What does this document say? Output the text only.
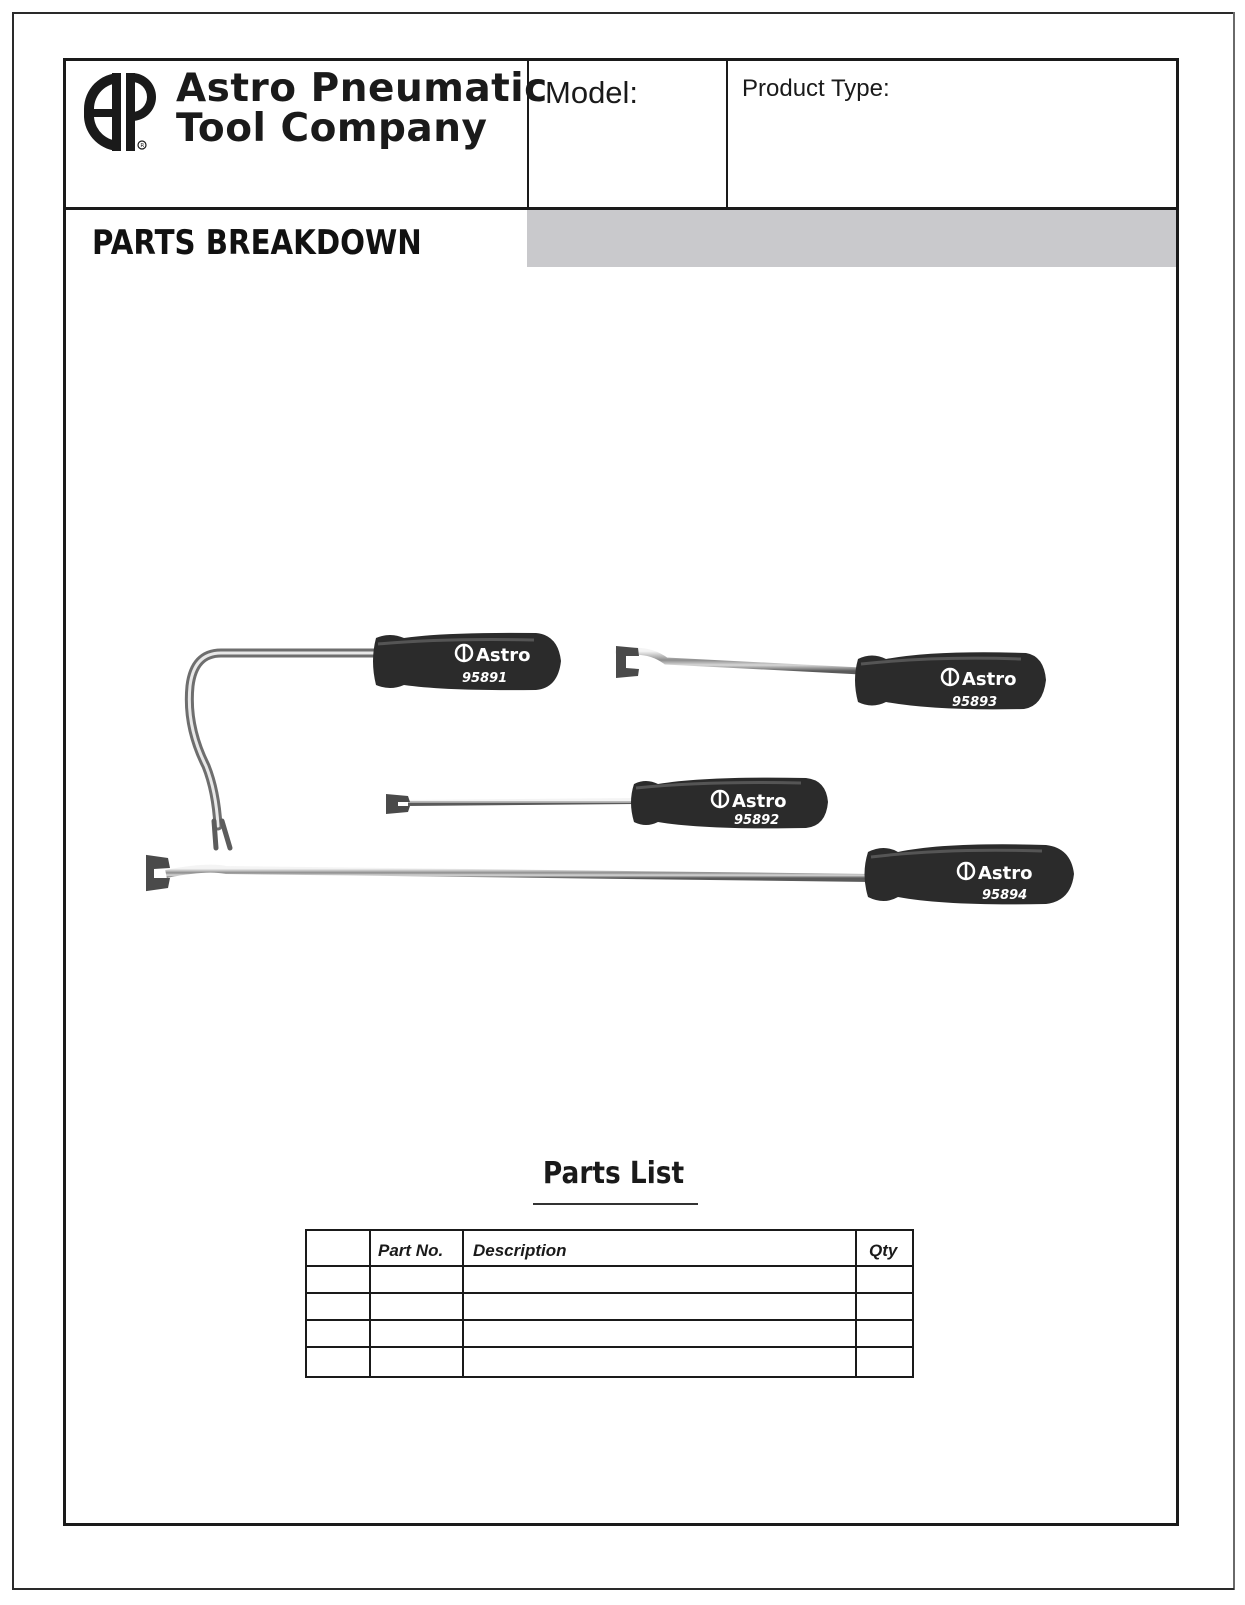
R
Astro Pneumatic
Tool Company
Model:	Product Type:
PARTS BREAKDOWN
Astro
95891	Astro
95893
Astro
95892
Astro
95894
Parts List
Part No. Description	Qty
